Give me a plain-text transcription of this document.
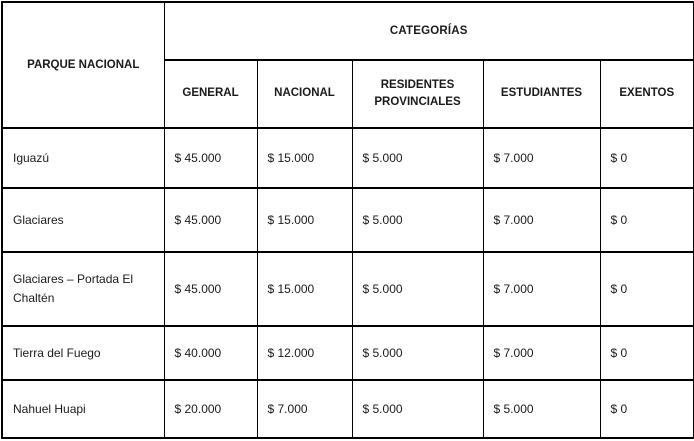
PARQUE NACIONAL	CATEGORÍAS				
	GENERAL	NACIONAL	RESIDENTES PROVINCIALES	ESTUDIANTES	EXENTOS
Iguazú	$ 45.000	$ 15.000	$ 5.000	$ 7.000	$ 0
Glaciares	$ 45.000	$ 15.000	$ 5.000	$ 7.000	$ 0
Glaciares – Portada El Chaltén	$ 45.000	$ 15.000	$ 5.000	$ 7.000	$ 0
Tierra del Fuego	$ 40.000	$ 12.000	$ 5.000	$ 7.000	$ 0
Nahuel Huapi	$ 20.000	$ 7.000	$ 5.000	$ 5.000	$ 0
